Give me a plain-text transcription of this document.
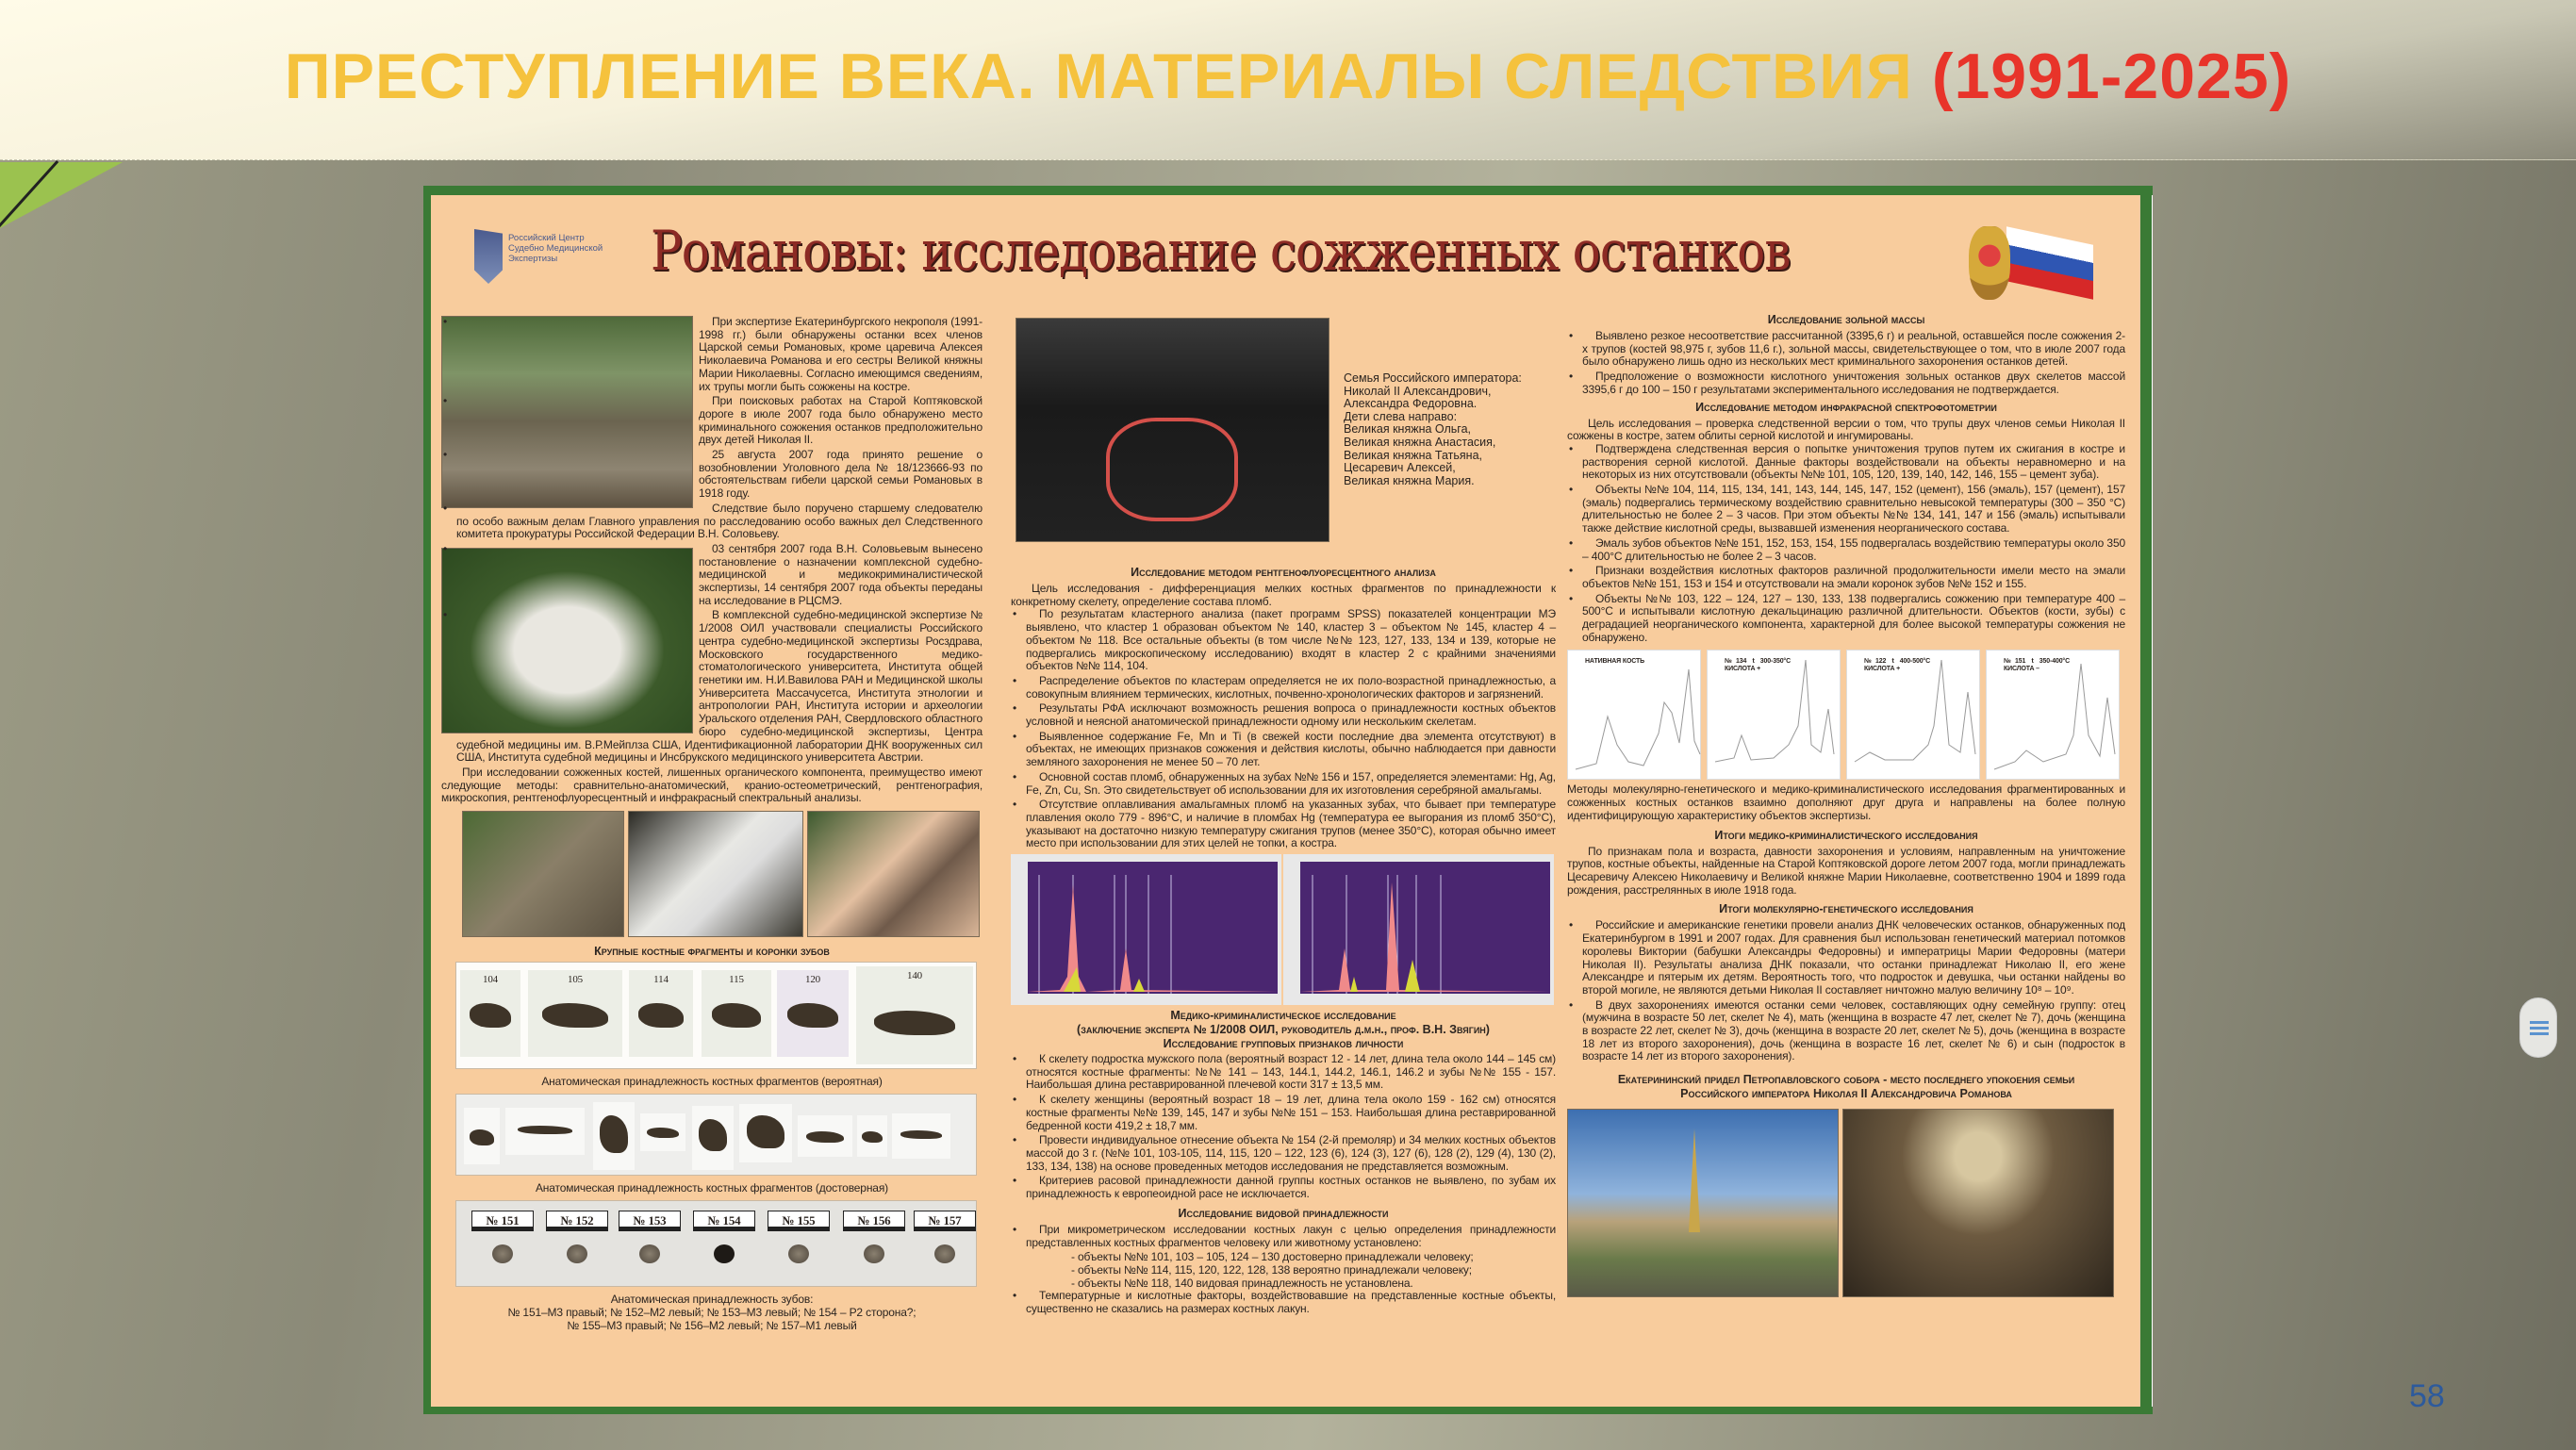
ПРЕСТУПЛЕНИЕ ВЕКА. МАТЕРИАЛЫ СЛЕДСТВИЯ (1991-2025)
Российский Центр Судебно Медицинской Экспертизы	Романовы: исследование сожженных останков

• При экспертизе Екатеринбургского некрополя (1991-1998 гг.) были обнаружены останки всех членов Царской семьи Романовых, кроме царевича Алексея Николаевича Романова и его сестры Великой княжны Марии Николаевны. Согласно имеющимся сведениям, их трупы могли быть сожжены на костре.

• При поисковых работах на Старой Коптяковской дороге в июле 2007 года было обнаружено место криминального сожжения останков предположительно двух детей Николая II.

• 25 августа 2007 года принято решение о возобновлении Уголовного дела № 18/123666-93 по обстоятельствам гибели царской семьи Романовых в 1918 году.

• Следствие было поручено старшему следователю по особо важным делам Главного управления по расследованию особо важных дел Следственного комитета прокуратуры Российской Федерации В.Н. Соловьеву.

• 03 сентября 2007 года В.Н. Соловьевым вынесено постановление о назначении комплексной судебно-медицинской и медикокриминалистической экспертизы, 14 сентября 2007 года объекты переданы на исследование в РЦСМЭ.

• В комплексной судебно-медицинской экспертизе № 1/2008 ОИЛ участвовали специалисты Российского центра судебно-медицинской экспертизы Росздрава, Московского государственного медико-стоматологического университета, Института общей генетики им. Н.И.Вавилова РАН и Медицинской школы Университета Массачусетса, Института этнологии и антропологии РАН, Института истории и археологии Уральского отделения РАН, Свердловского областного бюро судебно-медицинской экспертизы, Центра судебной медицины им. В.Р.Мейплза США, Идентификационной лаборатории ДНК вооруженных сил США, Института судебной медицины и Инсбрукского медицинского университета Австрии.

При исследовании сожженных костей, лишенных органического компонента, преимущество имеют следующие методы: сравнительно-анатомический, кранио-остеометрический, рентгенография, микроскопия, рентгенофлуоресцентный и инфракрасный спектральный анализы.

Крупные костные фрагменты и коронки зубов
104	105	114	115	120	140
Анатомическая принадлежность костных фрагментов (вероятная)
Анатомическая принадлежность костных фрагментов (достоверная)
№ 151	№ 152	№ 153	№ 154	№ 155	№ 156	№ 157
Анатомическая принадлежность зубов:
№ 151–М3 правый; № 152–М2 левый; № 153–М3 левый; № 154 – Р2 сторона?;
№ 155–М3 правый; № 156–М2 левый; № 157–М1 левый
Семья Российского императора:
Николай II Александрович,
Александра Федоровна.
Дети слева направо:
Великая княжна Ольга,
Великая княжна Анастасия,
Великая княжна Татьяна,
Цесаревич Алексей,
Великая княжна Мария.
Исследование методом рентгенофлуоресцентного анализа

Цель исследования - дифференциация мелких костных фрагментов по принадлежности к конкретному скелету, определение состава пломб.

• По результатам кластерного анализа (пакет программ SPSS) показателей концентрации МЭ выявлено, что кластер 1 образован объектом № 140, кластер 3 – объектом № 145, кластер 4 – объектом № 118. Все остальные объекты (в том числе №№ 123, 127, 133, 134 и 139, которые не подвергались микроскопическому исследованию) входят в кластер 2 с крайними значениями объектов №№ 114, 104.

• Распределение объектов по кластерам определяется не их поло-возрастной принадлежностью, а совокупным влиянием термических, кислотных, почвенно-хронологических факторов и загрязнений.

• Результаты РФА исключают возможность решения вопроса о принадлежности костных объектов условной и неясной анатомической принадлежности одному или нескольким скелетам.

• Выявленное содержание Fe, Mn и Ti (в свежей кости последние два элемента отсутствуют) в объектах, не имеющих признаков сожжения и действия кислоты, обычно наблюдается при давности земляного захоронения не менее 50 – 70 лет.

• Основной состав пломб, обнаруженных на зубах №№ 156 и 157, определяется элементами: Hg, Ag, Fe, Zn, Cu, Sn. Это свидетельствует об использовании для их изготовления серебряной амальгамы.

• Отсутствие оплавливания амальгамных пломб на указанных зубах, что бывает при температуре плавления около 779 - 896°С, и наличие в пломбах Hg (температура ее выгорания из пломб 350°С), указывают на достаточно низкую температуру сжигания трупов (менее 350°С), которая обычно имеет место при использовании для этих целей не топки, а костра.

Медико-криминалистическое исследование
(заключение эксперта № 1/2008 ОИЛ, руководитель д.м.н., проф. В.Н. Звягин)
Исследование групповых признаков личности

• К скелету подростка мужского пола (вероятный возраст 12 - 14 лет, длина тела около 144 – 145 см) относятся костные фрагменты: №№ 141 – 143, 144.1, 144.2, 146.1, 146.2 и зубы №№ 155 - 157. Наибольшая длина реставрированной плечевой кости 317 ± 13,5 мм.

• К скелету женщины (вероятный возраст 18 – 19 лет, длина тела около 159 - 162 см) относятся костные фрагменты №№ 139, 145, 147 и зубы №№ 151 – 153. Наибольшая длина реставрированной бедренной кости 419,2 ± 18,7 мм.

• Провести индивидуальное отнесение объекта № 154 (2-й премоляр) и 34 мелких костных объектов массой до 3 г. (№№ 101, 103-105, 114, 115, 120 – 122, 123 (6), 124 (3), 127 (6), 128 (2), 129 (4), 130 (2), 133, 134, 138) на основе проведенных методов исследования не представляется возможным.

• Критериев расовой принадлежности данной группы костных останков не выявлено, по зубам их принадлежность к европеоидной расе не исключается.

Исследование видовой принадлежности

• При микрометрическом исследовании костных лакун с целью определения принадлежности представленных костных фрагментов человеку или животному установлено:

- объекты №№ 101, 103 – 105, 124 – 130 достоверно принадлежали человеку;

- объекты №№ 114, 115, 120, 122, 128, 138 вероятно принадлежали человеку;

- объекты №№ 118, 140 видовая принадлежность не установлена.

• Температурные и кислотные факторы, воздействовавшие на представленные костные объекты, существенно не сказались на размерах костных лакун.

Исследование зольной массы

• Выявлено резкое несоответствие рассчитанной (3395,6 г) и реальной, оставшейся после сожжения 2-х трупов (костей 98,975 г, зубов 11,6 г.), зольной массы, свидетельствующее о том, что в июле 2007 года было обнаружено лишь одно из нескольких мест криминального захоронения останков детей.

• Предположение о возможности кислотного уничтожения зольных останков двух скелетов массой 3395,6 г до 100 – 150 г результатами экспериментального исследования не подтверждается.

Исследование методом инфракрасной спектрофотометрии

Цель исследования – проверка следственной версии о том, что трупы двух членов семьи Николая II сожжены в костре, затем облиты серной кислотой и ингумированы.

• Подтверждена следственная версия о попытке уничтожения трупов путем их сжигания в костре и растворения серной кислотой. Данные факторы воздействовали на объекты неравномерно и на некоторых из них отсутствовали (объекты №№ 101, 105, 120, 139, 140, 142, 146, 155 – цемент зуба).

• Объекты №№ 104, 114, 115, 134, 141, 143, 144, 145, 147, 152 (цемент), 156 (эмаль), 157 (цемент), 157 (эмаль) подвергались термическому воздействию сравнительно невысокой температуры (300 – 350 °С) длительностью не более 2 – 3 часов. При этом объекты №№ 134, 141, 147 и 156 (эмаль) испытывали также действие кислотной среды, вызвавшей изменения неорганического состава.

• Эмаль зубов объектов №№ 151, 152, 153, 154, 155 подвергалась воздействию температуры около 350 – 400°С длительностью не более 2 – 3 часов.

• Признаки воздействия кислотных факторов различной продолжительности имели место на эмали объектов №№ 151, 153 и 154 и отсутствовали на эмали коронок зубов №№ 152 и 155.

• Объекты №№ 103, 122 – 124, 127 – 130, 133, 138 подвергались сожжению при температуре 400 – 500°С и испытывали кислотную декальцинацию различной длительности. Объектов (кости, зубы) с деградацией неорганического компонента, характерной для более высокой температуры сожжения не обнаружено.

НАТИВНАЯ КОСТЬ	№134 t 300-350°C КИСЛОТА +
№122 t 400-500°C КИСЛОТА +
№151 t 350-400°C КИСЛОТА –

Методы молекулярно-генетического и медико-криминалистического исследования фрагментированных и сожженных костных останков взаимно дополняют друг друга и направлены на более полную идентифицирующую характеристику объектов экспертизы.

Итоги медико-криминалистического исследования

По признакам пола и возраста, давности захоронения и условиям, направленным на уничтожение трупов, костные объекты, найденные на Старой Коптяковской дороге летом 2007 года, могли принадлежать Цесаревичу Алексею Николаевичу и Великой княжне Марии Николаевне, соответственно 1904 и 1899 года рождения, расстрелянных в июле 1918 года.

Итоги молекулярно-генетического исследования

• Российские и американские генетики провели анализ ДНК человеческих останков, обнаруженных под Екатеринбургом в 1991 и 2007 годах. Для сравнения был использован генетический материал потомков королевы Виктории (бабушки Александры Федоровны) и императрицы Марии Федоровны (матери Николая II). Результаты анализа ДНК показали, что останки принадлежат Николаю II, его жене Александре и пятерым их детям. Вероятность того, что подросток и девушка, чьи останки найдены во второй могиле, не являются детьми Николая II составляет ничтожно малую величину 10⁸ – 10⁹.

• В двух захоронениях имеются останки семи человек, составляющих одну семейную группу: отец (мужчина в возрасте 50 лет, скелет № 4), мать (женщина в возрасте 47 лет, скелет № 7), дочь (женщина в возрасте 22 лет, скелет № 3), дочь (женщина в возрасте 20 лет, скелет № 5), дочь (женщина в возрасте 18 лет из второго захоронения), дочь (женщина в возрасте 16 лет, скелет № 6) и сын (подросток в возрасте 14 лет из второго захоронения).

Екатерининский придел Петропавловского собора - место последнего упокоения семьи
Российского императора Николая II Александровича Романова
58
